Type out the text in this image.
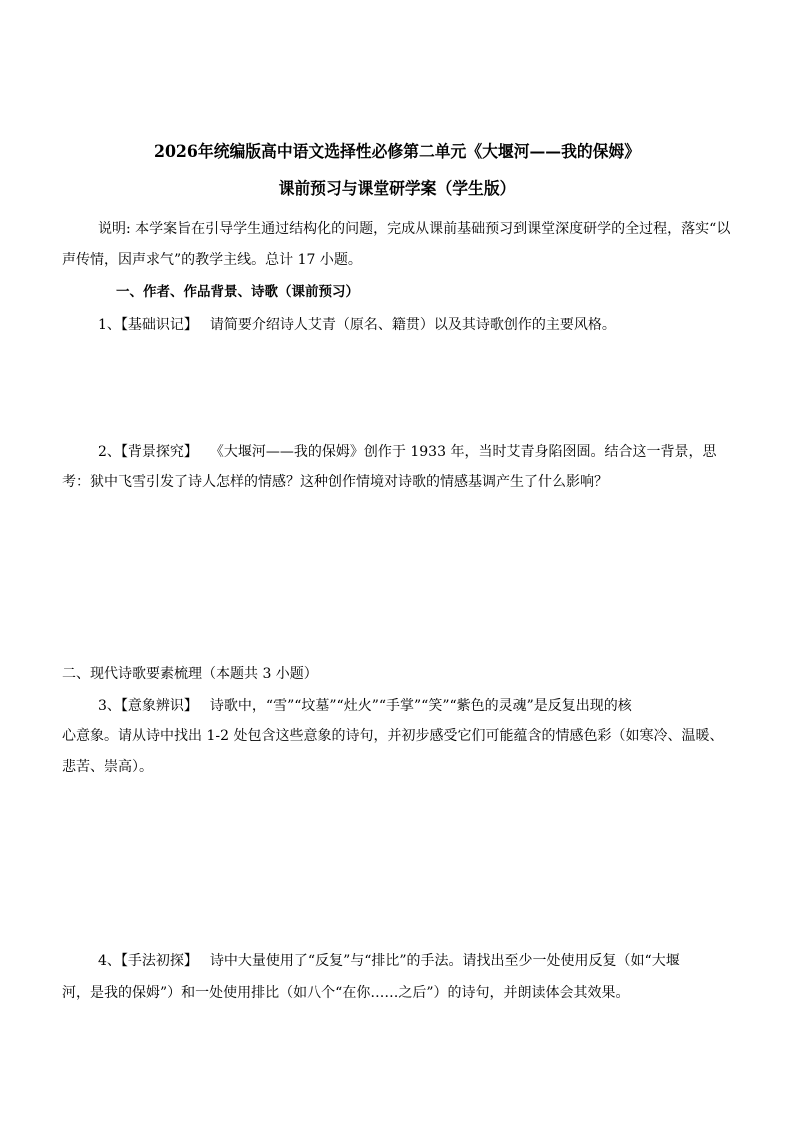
2026年统编版高中语文选择性必修第二单元《大堰河——我的保姆》
课前预习与课堂研学案（学生版）
说明: 本学案旨在引导学生通过结构化的问题，完成从课前基础预习到课堂深度研学的全过程，落实“以
声传情，因声求气”的教学主线。总计 17 小题。
一、作者、作品背景、诗歌（课前预习）
1、【基础识记】 请简要介绍诗人艾青（原名、籍贯）以及其诗歌创作的主要风格。
2、【背景探究】 《大堰河——我的保姆》创作于 1933 年，当时艾青身陷囹圄。结合这一背景，思
考：狱中飞雪引发了诗人怎样的情感？这种创作情境对诗歌的情感基调产生了什么影响？
二、现代诗歌要素梳理（本题共 3 小题）
3、【意象辨识】 诗歌中，“雪”“坟墓”“灶火”“手掌”“笑”“紫色的灵魂”是反复出现的核
心意象。请从诗中找出 1-2 处包含这些意象的诗句，并初步感受它们可能蕴含的情感色彩（如寒冷、温暖、
悲苦、崇高）。
4、【手法初探】 诗中大量使用了“反复”与“排比”的手法。请找出至少一处使用反复（如“大堰
河，是我的保姆”）和一处使用排比（如八个“在你……之后”）的诗句，并朗读体会其效果。
